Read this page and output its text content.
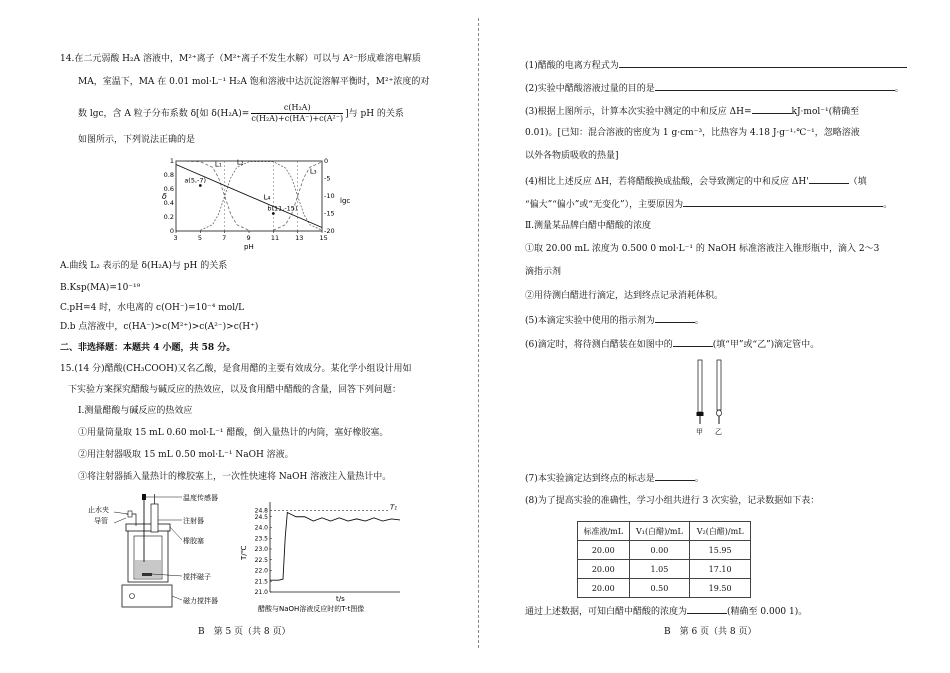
14.在二元弱酸 H₂A 溶液中，M²⁺离子（M²⁺离子不发生水解）可以与 A²⁻形成难溶电解质
MA，室温下，MA 在 0.01 mol·L⁻¹ H₂A 饱和溶液中达沉淀溶解平衡时，M²⁺浓度的对
数 lgc，含 A 粒子分布系数 δ[如 $\delta(H_2A)= \frac{\text{c(H₂A)}}{\text{c(H₂A)+c(HA⁻)+c(A²⁻)}}$ ]与 pH 的关系
如图所示，下列说法正确的是
L₁ L₂
L₃
L₄
a(5,-7)
b(11,-15)
3	5	7	9	11 13 15
0
0.2
0.4
0.6
0.8
1	0
-5
-10
-15
-20
δ	lgc
pH
A.曲线 L₂ 表示的是 δ(H₂A)与 pH 的关系
B.Ksp(MA)=10⁻¹⁹
C.pH=4 时，水电离的 c(OH⁻)=10⁻⁴ mol/L
D.b 点溶液中，c(HA⁻)>c(M²⁺)>c(A²⁻)>c(H⁺)
二、非选择题：本题共 4 小题，共 58 分。
15.(14 分)醋酸(CH₃COOH)又名乙酸，是食用醋的主要有效成分。某化学小组设计用如
下实验方案探究醋酸与碱反应的热效应，以及食用醋中醋酸的含量，回答下列问题：
Ⅰ.测量醋酸与碱反应的热效应
①用量筒量取 15 mL 0.60 mol·L⁻¹ 醋酸，倒入量热计的内筒，塞好橡胶塞。
②用注射器吸取 15 mL 0.50 mol·L⁻¹ NaOH 溶液。
③将注射器插入量热计的橡胶塞上，一次性快速将 NaOH 溶液注入量热计中。
温度传感器
注射器
橡胶塞
搅拌磁子
磁力搅拌器
止水夹
导管
21.0
21.5
22.0
22.5
23.0
23.5
24.0
24.5
24.8	T₁
T/℃
t/s
醋酸与NaOH溶液反应时的T-t图像
B　第 5 页（共 8 页）
(1)醋酸的电离方程式为
(2)实验中醋酸溶液过量的目的是	。
(3)根据上图所示，计算本次实验中测定的中和反应 ΔH=	kJ·mol⁻¹(精确至
0.01)。[已知：混合溶液的密度为 1 g·cm⁻³，比热容为 4.18 J·g⁻¹·℃⁻¹，忽略溶液
以外各物质吸收的热量]
(4)相比上述反应 ΔH，若将醋酸换成盐酸，会导致测定的中和反应 ΔH'	（填
“偏大”“偏小”或“无变化”），主要原因为	。
Ⅱ.测量某品牌白醋中醋酸的浓度
①取 20.00 mL 浓度为 0.500 0 mol·L⁻¹ 的 NaOH 标准溶液注入锥形瓶中，滴入 2～3
滴指示剂
②用待测白醋进行滴定，达到终点记录消耗体积。
(5)本滴定实验中使用的指示剂为	。
(6)滴定时，将待测白醋装在如图中的	(填“甲”或“乙”)滴定管中。
甲 乙
(7)本实验滴定达到终点的标志是	。
(8)为了提高实验的准确性，学习小组共进行 3 次实验，记录数据如下表：
通过上述数据，可知白醋中醋酸的浓度为	(精确至 0.000 1)。
B　第 6 页（共 8 页）
标准液/mL	V₁(白醋)/mL	V₂(白醋)/mL
20.00	0.00	15.95
20.00	1.05	17.10
20.00	0.50	19.50
